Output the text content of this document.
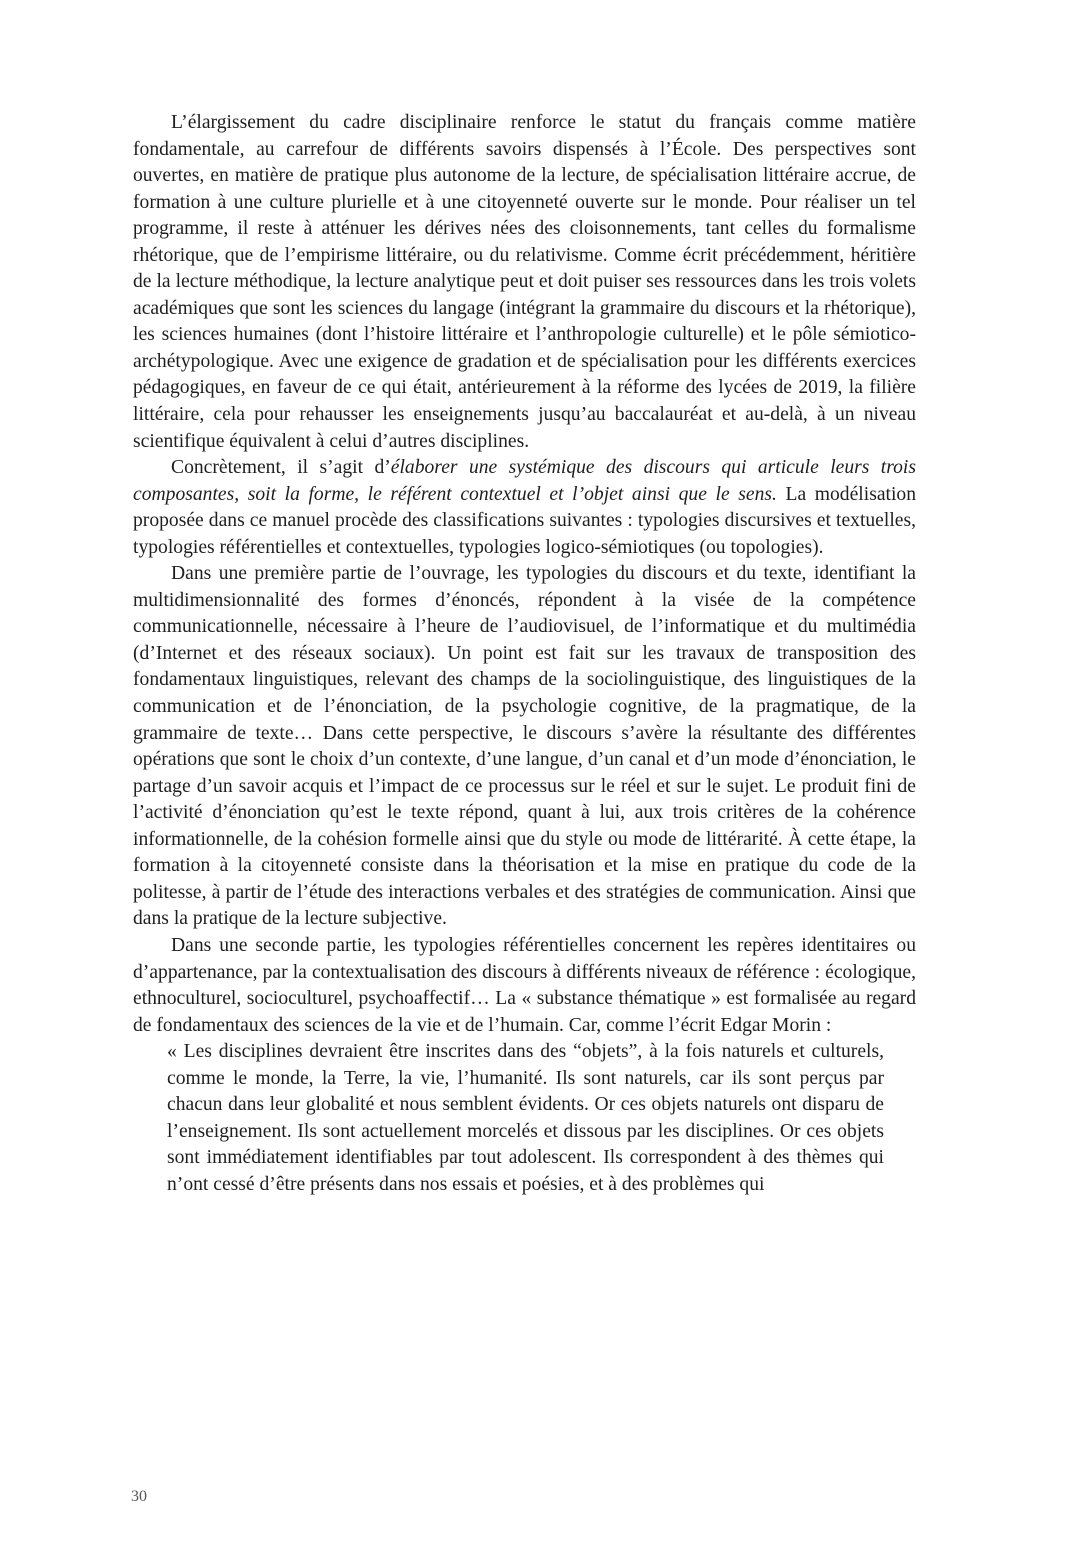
L’élargissement du cadre disciplinaire renforce le statut du français comme matière fondamentale, au carrefour de différents savoirs dispensés à l’École. Des perspectives sont ouvertes, en matière de pratique plus autonome de la lecture, de spécialisation littéraire accrue, de formation à une culture plurielle et à une citoyenneté ouverte sur le monde. Pour réaliser un tel programme, il reste à atténuer les dérives nées des cloisonnements, tant celles du formalisme rhétorique, que de l’empirisme littéraire, ou du relativisme. Comme écrit précédemment, héritière de la lecture méthodique, la lecture analytique peut et doit puiser ses ressources dans les trois volets académiques que sont les sciences du langage (intégrant la grammaire du discours et la rhétorique), les sciences humaines (dont l’histoire littéraire et l’anthropologie culturelle) et le pôle sémiotico-archétypologique. Avec une exigence de gradation et de spécialisation pour les différents exercices pédagogiques, en faveur de ce qui était, antérieurement à la réforme des lycées de 2019, la filière littéraire, cela pour rehausser les enseignements jusqu’au baccalauréat et au-delà, à un niveau scientifique équivalent à celui d’autres disciplines.

Concrètement, il s’agit d’élaborer une systémique des discours qui articule leurs trois composantes, soit la forme, le référent contextuel et l’objet ainsi que le sens. La modélisation proposée dans ce manuel procède des classifications suivantes : typologies discursives et textuelles, typologies référentielles et contextuelles, typologies logico-sémiotiques (ou topologies).

Dans une première partie de l’ouvrage, les typologies du discours et du texte, identifiant la multidimensionnalité des formes d’énoncés, répondent à la visée de la compétence communicationnelle, nécessaire à l’heure de l’audiovisuel, de l’informatique et du multimédia (d’Internet et des réseaux sociaux). Un point est fait sur les travaux de transposition des fondamentaux linguistiques, relevant des champs de la sociolinguistique, des linguistiques de la communication et de l’énonciation, de la psychologie cognitive, de la pragmatique, de la grammaire de texte… Dans cette perspective, le discours s’avère la résultante des différentes opérations que sont le choix d’un contexte, d’une langue, d’un canal et d’un mode d’énonciation, le partage d’un savoir acquis et l’impact de ce processus sur le réel et sur le sujet. Le produit fini de l’activité d’énonciation qu’est le texte répond, quant à lui, aux trois critères de la cohérence informationnelle, de la cohésion formelle ainsi que du style ou mode de littérarité. À cette étape, la formation à la citoyenneté consiste dans la théorisation et la mise en pratique du code de la politesse, à partir de l’étude des interactions verbales et des stratégies de communication. Ainsi que dans la pratique de la lecture subjective.

Dans une seconde partie, les typologies référentielles concernent les repères identitaires ou d’appartenance, par la contextualisation des discours à différents niveaux de référence : écologique, ethnoculturel, socioculturel, psychoaffectif… La « substance thématique » est formalisée au regard de fondamentaux des sciences de la vie et de l’humain. Car, comme l’écrit Edgar Morin :

« Les disciplines devraient être inscrites dans des “objets”, à la fois naturels et culturels, comme le monde, la Terre, la vie, l’humanité. Ils sont naturels, car ils sont perçus par chacun dans leur globalité et nous semblent évidents. Or ces objets naturels ont disparu de l’enseignement. Ils sont actuellement morcelés et dissous par les disciplines. Or ces objets sont immédiatement identifiables par tout adolescent. Ils correspondent à des thèmes qui n’ont cessé d’être présents dans nos essais et poésies, et à des problèmes qui

30
